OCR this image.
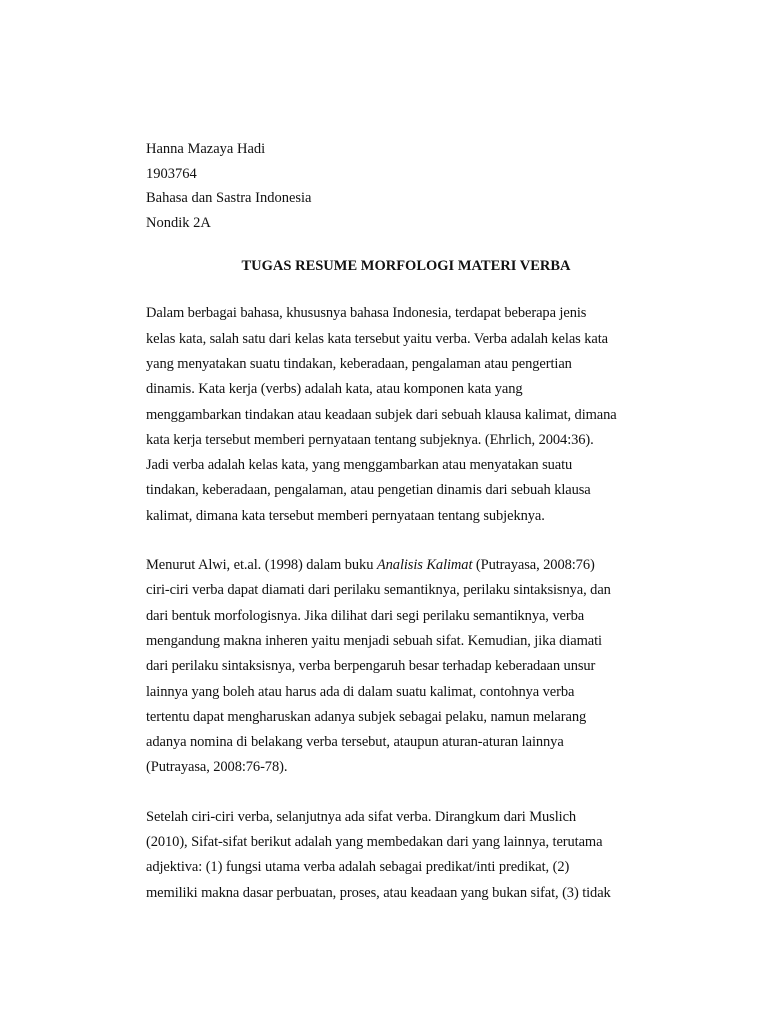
Hanna Mazaya Hadi
1903764
Bahasa dan Sastra Indonesia
Nondik 2A
TUGAS RESUME MORFOLOGI MATERI VERBA
Dalam berbagai bahasa, khususnya bahasa Indonesia, terdapat beberapa jenis
kelas kata, salah satu dari kelas kata tersebut yaitu verba. Verba adalah kelas kata
yang menyatakan suatu tindakan, keberadaan, pengalaman atau pengertian
dinamis. Kata kerja (verbs) adalah kata, atau komponen kata yang
menggambarkan tindakan atau keadaan subjek dari sebuah klausa kalimat, dimana
kata kerja tersebut memberi pernyataan tentang subjeknya. (Ehrlich, 2004:36).
Jadi verba adalah kelas kata, yang menggambarkan atau menyatakan suatu
tindakan, keberadaan, pengalaman, atau pengetian dinamis dari sebuah klausa
kalimat, dimana kata tersebut memberi pernyataan tentang subjeknya.
Menurut Alwi, et.al. (1998) dalam buku Analisis Kalimat (Putrayasa, 2008:76)
ciri-ciri verba dapat diamati dari perilaku semantiknya, perilaku sintaksisnya, dan
dari bentuk morfologisnya. Jika dilihat dari segi perilaku semantiknya, verba
mengandung makna inheren yaitu menjadi sebuah sifat. Kemudian, jika diamati
dari perilaku sintaksisnya, verba berpengaruh besar terhadap keberadaan unsur
lainnya yang boleh atau harus ada di dalam suatu kalimat, contohnya verba
tertentu dapat mengharuskan adanya subjek sebagai pelaku, namun melarang
adanya nomina di belakang verba tersebut, ataupun aturan-aturan lainnya
(Putrayasa, 2008:76-78).
Setelah ciri-ciri verba, selanjutnya ada sifat verba. Dirangkum dari Muslich
(2010), Sifat-sifat berikut adalah yang membedakan dari yang lainnya, terutama
adjektiva: (1) fungsi utama verba adalah sebagai predikat/inti predikat, (2)
memiliki makna dasar perbuatan, proses, atau keadaan yang bukan sifat, (3) tidak
